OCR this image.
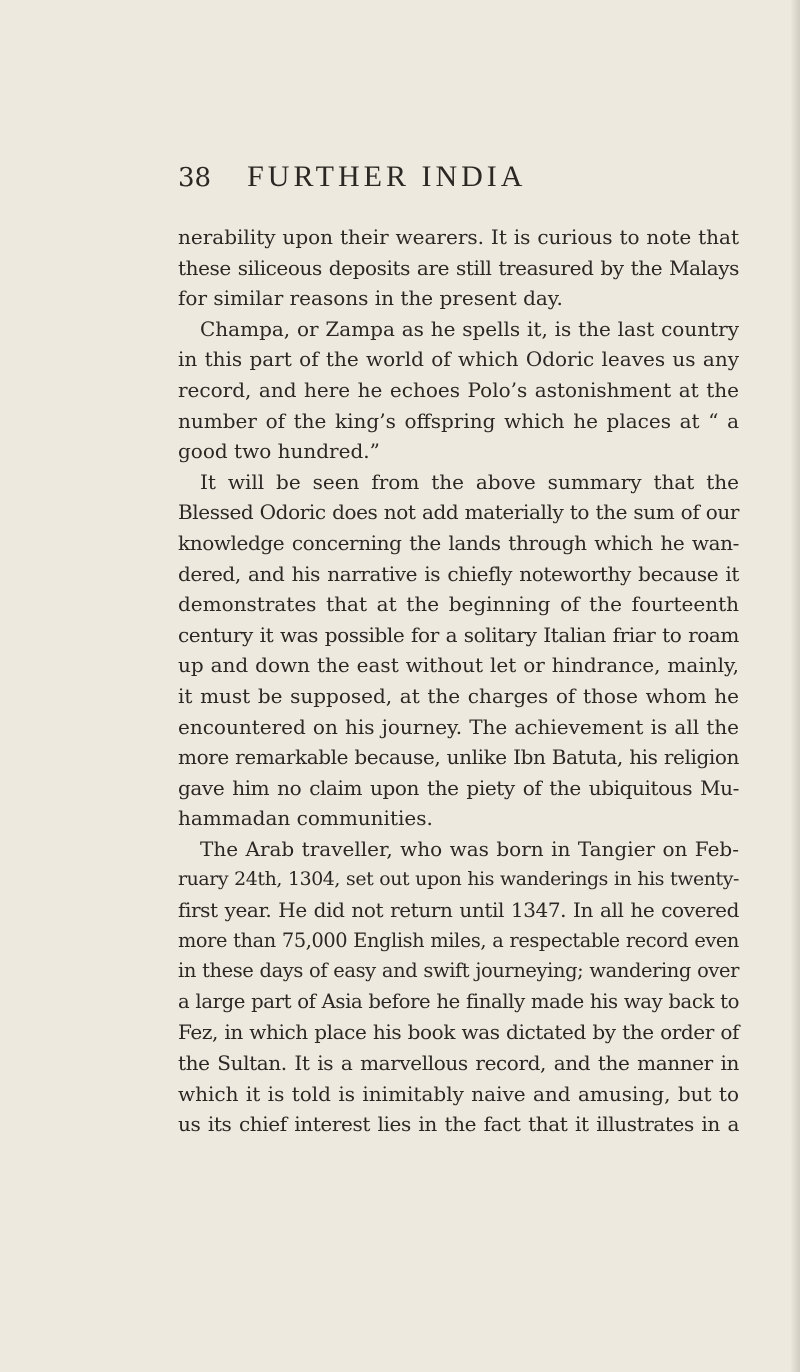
38 FURTHER INDIA

nerability upon their wearers. It is curious to note that
these siliceous deposits are still treasured by the Malays
for similar reasons in the present day.

Champa, or Zampa as he spells it, is the last country
in this part of the world of which Odoric leaves us any
record, and here he echoes Polo’s astonishment at the
number of the king’s offspring which he places at “ a
good two hundred.”

It will be seen from the above summary that the
Blessed Odoric does not add materially to the sum of our
knowledge concerning the lands through which he wan-
dered, and his narrative is chiefly noteworthy because it
demonstrates that at the beginning of the fourteenth
century it was possible for a solitary Italian friar to roam
up and down the east without let or hindrance, mainly,
it must be supposed, at the charges of those whom he
encountered on his journey. The achievement is all the
more remarkable because, unlike Ibn Batuta, his religion
gave him no claim upon the piety of the ubiquitous Mu-
hammadan communities.

The Arab traveller, who was born in Tangier on Feb-
ruary 24th, 1304, set out upon his wanderings in his twenty-
first year. He did not return until 1347. In all he covered
more than 75,000 English miles, a respectable record even
in these days of easy and swift journeying; wandering over
a large part of Asia before he finally made his way back to
Fez, in which place his book was dictated by the order of
the Sultan. It is a marvellous record, and the manner in
which it is told is inimitably naive and amusing, but to
us its chief interest lies in the fact that it illustrates in a
